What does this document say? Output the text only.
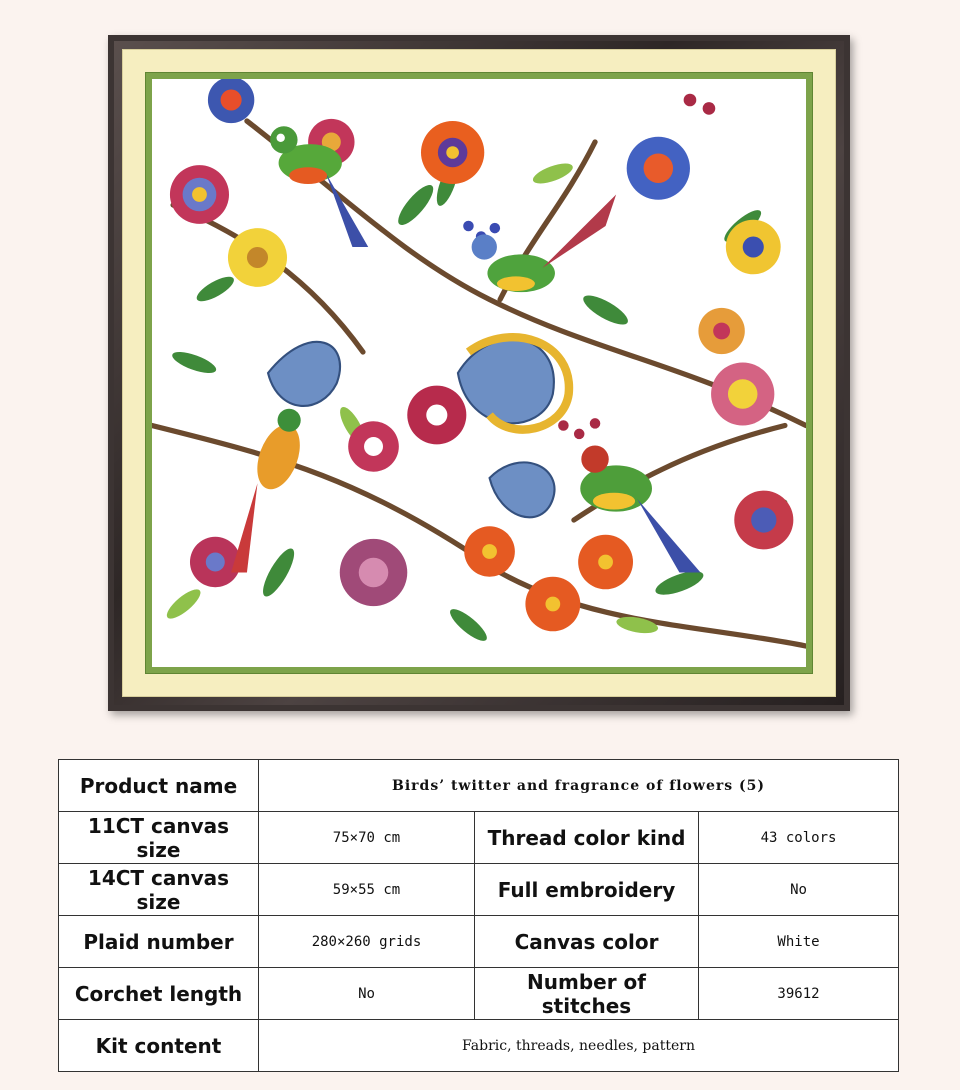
Product name	Birds’ twitter and fragrance of flowers (5)		
11CT canvas size	75×70 cm	Thread color kind	43 colors
14CT canvas size	59×55 cm	Full embroidery	No
Plaid number	280×260 grids	Canvas color	White
Corchet length	No	Number of stitches	39612
Kit content	Fabric, threads, needles, pattern		
